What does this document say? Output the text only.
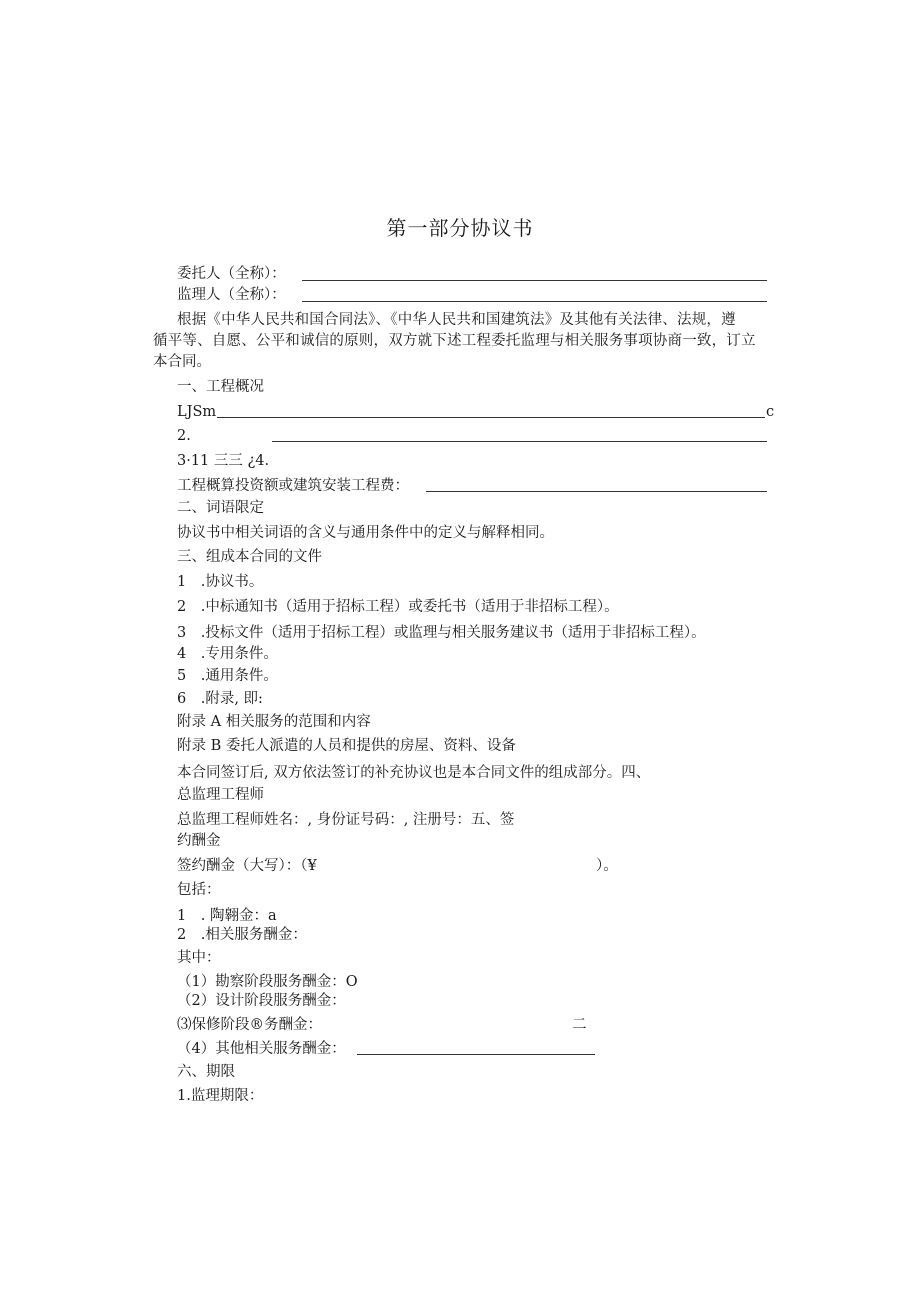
第一部分协议书
委托人（全称）：
监理人（全称）：
根据《中华人民共和国合同法》、《中华人民共和国建筑法》及其他有关法律、法规，遵
循平等、自愿、公平和诚信的原则，双方就下述工程委托监理与相关服务事项协商一致，订立
本合同。
一、工程概况
LJSm	c
2.
3·11 三三 ¿4.
工程概算投资额或建筑安装工程费：
二、词语限定
协议书中相关词语的含义与通用条件中的定义与解释相同。
三、组成本合同的文件
1　.协议书。
2　.中标通知书（适用于招标工程）或委托书（适用于非招标工程）。
3　.投标文件（适用于招标工程）或监理与相关服务建议书（适用于非招标工程）。
4　.专用条件。
5　.通用条件。
6　.附录, 即:
附录 A 相关服务的范围和内容
附录 B 委托人派遣的人员和提供的房屋、资料、设备
本合同签订后, 双方依法签订的补充协议也是本合同文件的组成部分。四、
总监理工程师
总监理工程师姓名：, 身份证号码：, 注册号：五、签
约酬金
签约酬金（大写）：（¥	）。
包括：
1　. 陶翱金：a
2　.相关服务酬金：
其中：
（1）勘察阶段服务酬金：O
（2）设计阶段服务酬金：
⑶保修阶段®务酬金：	二
（4）其他相关服务酬金：
六、期限
1.监理期限：
